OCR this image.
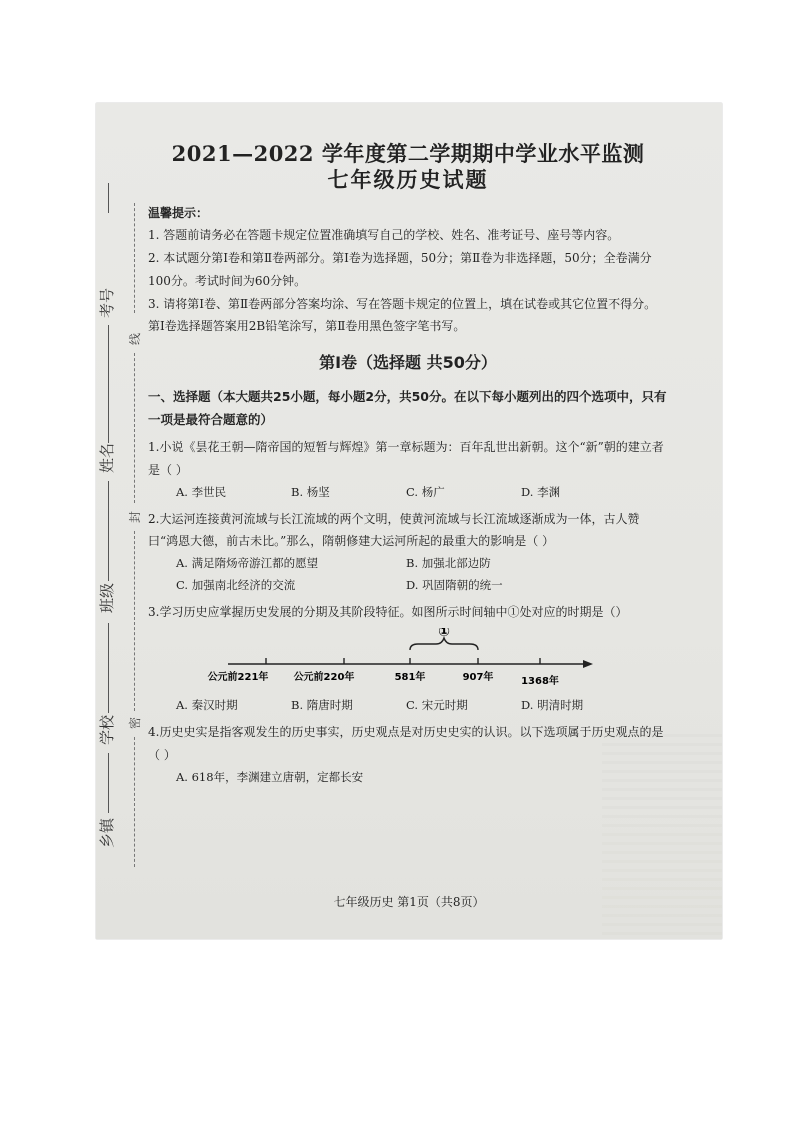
考号
姓名
班级
学校
乡镇
线
封
密
2021—2022 学年度第二学期期中学业水平监测
七年级历史试题
温馨提示：

1. 答题前请务必在答题卡规定位置准确填写自己的学校、姓名、准考证号、座号等内容。

2. 本试题分第Ⅰ卷和第Ⅱ卷两部分。第Ⅰ卷为选择题，50分；第Ⅱ卷为非选择题，50分；全卷满分100分。考试时间为60分钟。

3. 请将第Ⅰ卷、第Ⅱ卷两部分答案均涂、写在答题卡规定的位置上，填在试卷或其它位置不得分。第Ⅰ卷选择题答案用2B铅笔涂写，第Ⅱ卷用黑色签字笔书写。

第Ⅰ卷（选择题 共50分）
一、选择题（本大题共25小题，每小题2分，共50分。在以下每小题列出的四个选项中，只有一项是最符合题意的）
1.小说《昙花王朝—隋帝国的短暂与辉煌》第一章标题为：百年乱世出新朝。这个“新”朝的建立者是（ ）
A. 李世民	B. 杨坚	C. 杨广	D. 李渊
2.大运河连接黄河流域与长江流域的两个文明，使黄河流域与长江流域逐渐成为一体，古人赞曰“鸿恩大德，前古未比。”那么，隋朝修建大运河所起的最重大的影响是（ ）
A. 满足隋炀帝游江都的愿望	B. 加强北部边防
C. 加强南北经济的交流	D. 巩固隋朝的统一
3.学习历史应掌握历史发展的分期及其阶段特征。如图所示时间轴中①处对应的时期是（）
①
公元前221年	公元前220年	581年	907年	1368年
A. 秦汉时期	B. 隋唐时期	C. 宋元时期	D. 明清时期
4.历史史实是指客观发生的历史事实，历史观点是对历史史实的认识。以下选项属于历史观点的是（ ）
A. 618年，李渊建立唐朝，定都长安
七年级历史 第1页（共8页）
